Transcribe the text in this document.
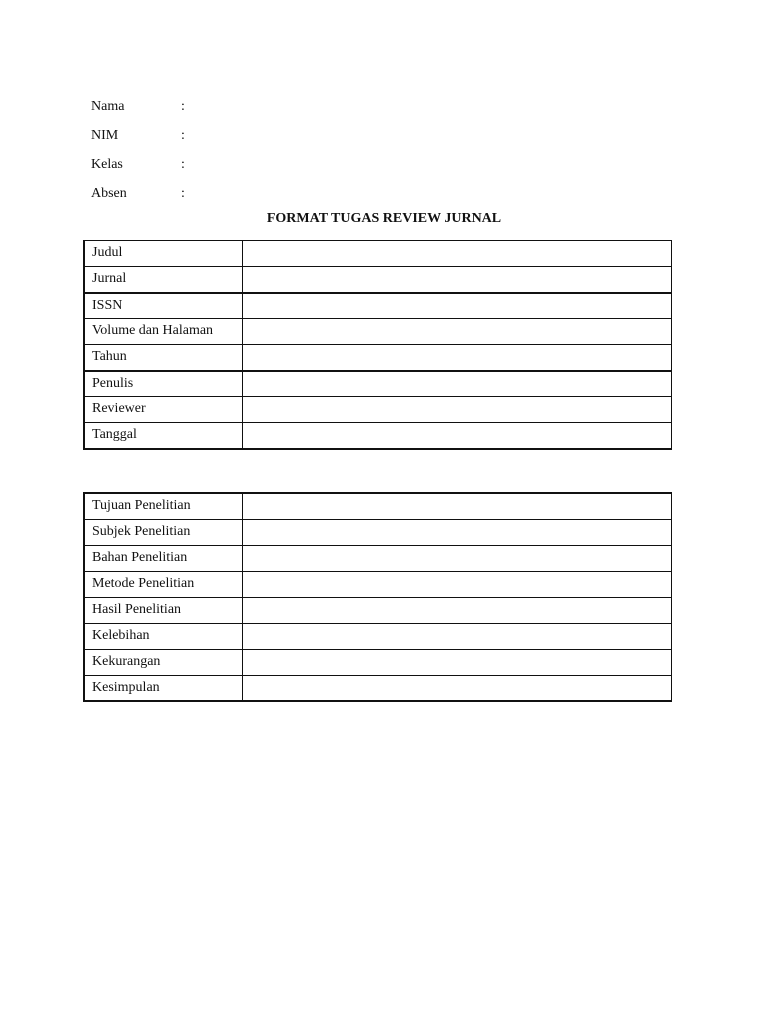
Nama	:
NIM	:
Kelas	:
Absen	:
FORMAT TUGAS REVIEW JURNAL
Judul	
Jurnal	
ISSN	
Volume dan Halaman	
Tahun	
Penulis	
Reviewer	
Tanggal	
Tujuan Penelitian	
Subjek Penelitian	
Bahan Penelitian	
Metode Penelitian	
Hasil Penelitian	
Kelebihan	
Kekurangan	
Kesimpulan	
